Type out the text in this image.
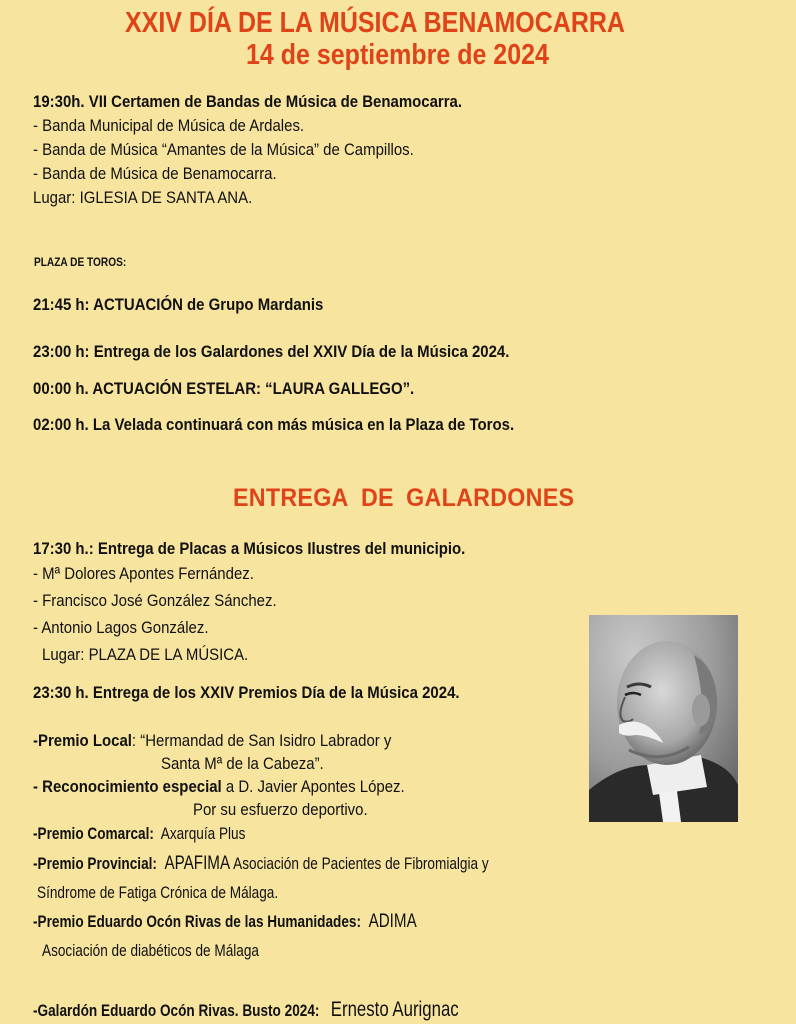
XXIV DÍA DE LA MÚSICA BENAMOCARRA
14 de septiembre de 2024
19:30h. VII Certamen de Bandas de Música de Benamocarra.
- Banda Municipal de Música de Ardales.
- Banda de Música “Amantes de la Música” de Campillos.
- Banda de Música de Benamocarra.
Lugar: IGLESIA DE SANTA ANA.
PLAZA DE TOROS:
21:45 h: ACTUACIÓN de Grupo Mardanis
23:00 h: Entrega de los Galardones del XXIV Día de la Música 2024.
00:00 h. ACTUACIÓN ESTELAR: “LAURA GALLEGO”.
02:00 h. La Velada continuará con más música en la Plaza de Toros.
ENTREGA DE GALARDONES
17:30 h.: Entrega de Placas a Músicos Ilustres del municipio.
- Mª Dolores Apontes Fernández.
- Francisco José González Sánchez.
- Antonio Lagos González.
Lugar: PLAZA DE LA MÚSICA.
23:30 h. Entrega de los XXIV Premios Día de la Música 2024.
-Premio Local: “Hermandad de San Isidro Labrador y
Santa Mª de la Cabeza”.
- Reconocimiento especial a D. Javier Apontes López.
Por su esfuerzo deportivo.
-Premio Comarcal: Axarquía Plus
-Premio Provincial: APAFIMA Asociación de Pacientes de Fibromialgia y
Síndrome de Fatiga Crónica de Málaga.
-Premio Eduardo Ocón Rivas de las Humanidades: ADIMA
Asociación de diabéticos de Málaga
-Galardón Eduardo Ocón Rivas. Busto 2024: Ernesto Aurignac
